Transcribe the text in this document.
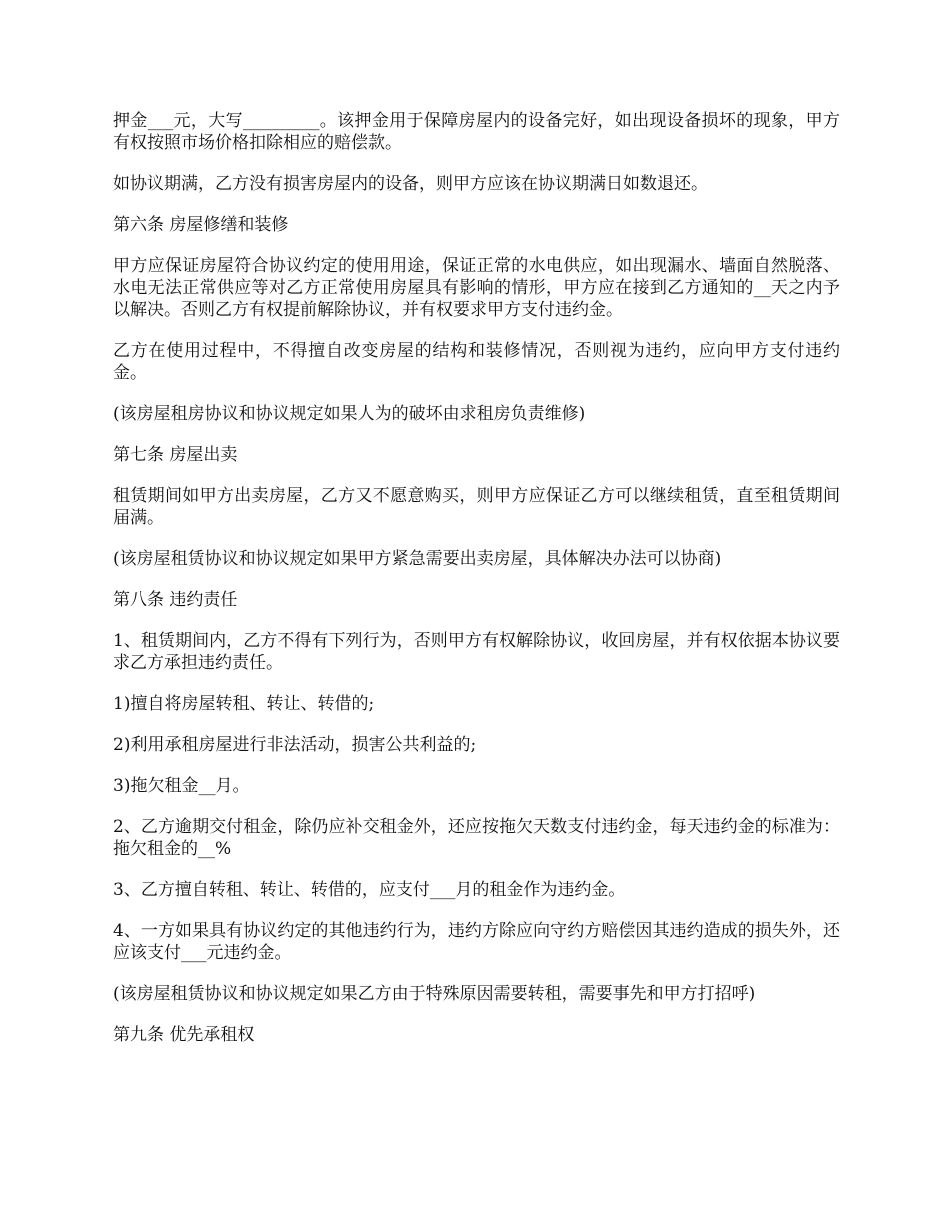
押金___元，大写_________。该押金用于保障房屋内的设备完好，如出现设备损坏的现象，甲方有权按照市场价格扣除相应的赔偿款。

如协议期满，乙方没有损害房屋内的设备，则甲方应该在协议期满日如数退还。

第六条 房屋修缮和装修

甲方应保证房屋符合协议约定的使用用途，保证正常的水电供应，如出现漏水、墙面自然脱落、水电无法正常供应等对乙方正常使用房屋具有影响的情形，甲方应在接到乙方通知的__天之内予以解决。否则乙方有权提前解除协议，并有权要求甲方支付违约金。

乙方在使用过程中，不得擅自改变房屋的结构和装修情况，否则视为违约，应向甲方支付违约金。

(该房屋租房协议和协议规定如果人为的破坏由求租房负责维修)

第七条 房屋出卖

租赁期间如甲方出卖房屋，乙方又不愿意购买，则甲方应保证乙方可以继续租赁，直至租赁期间届满。

(该房屋租赁协议和协议规定如果甲方紧急需要出卖房屋，具体解决办法可以协商)

第八条 违约责任

1、租赁期间内，乙方不得有下列行为，否则甲方有权解除协议，收回房屋，并有权依据本协议要求乙方承担违约责任。

1)擅自将房屋转租、转让、转借的;

2)利用承租房屋进行非法活动，损害公共利益的;

3)拖欠租金__月。

2、乙方逾期交付租金，除仍应补交租金外，还应按拖欠天数支付违约金，每天违约金的标准为：拖欠租金的__%

3、乙方擅自转租、转让、转借的，应支付___月的租金作为违约金。

4、一方如果具有协议约定的其他违约行为，违约方除应向守约方赔偿因其违约造成的损失外，还应该支付___元违约金。

(该房屋租赁协议和协议规定如果乙方由于特殊原因需要转租，需要事先和甲方打招呼)

第九条 优先承租权
